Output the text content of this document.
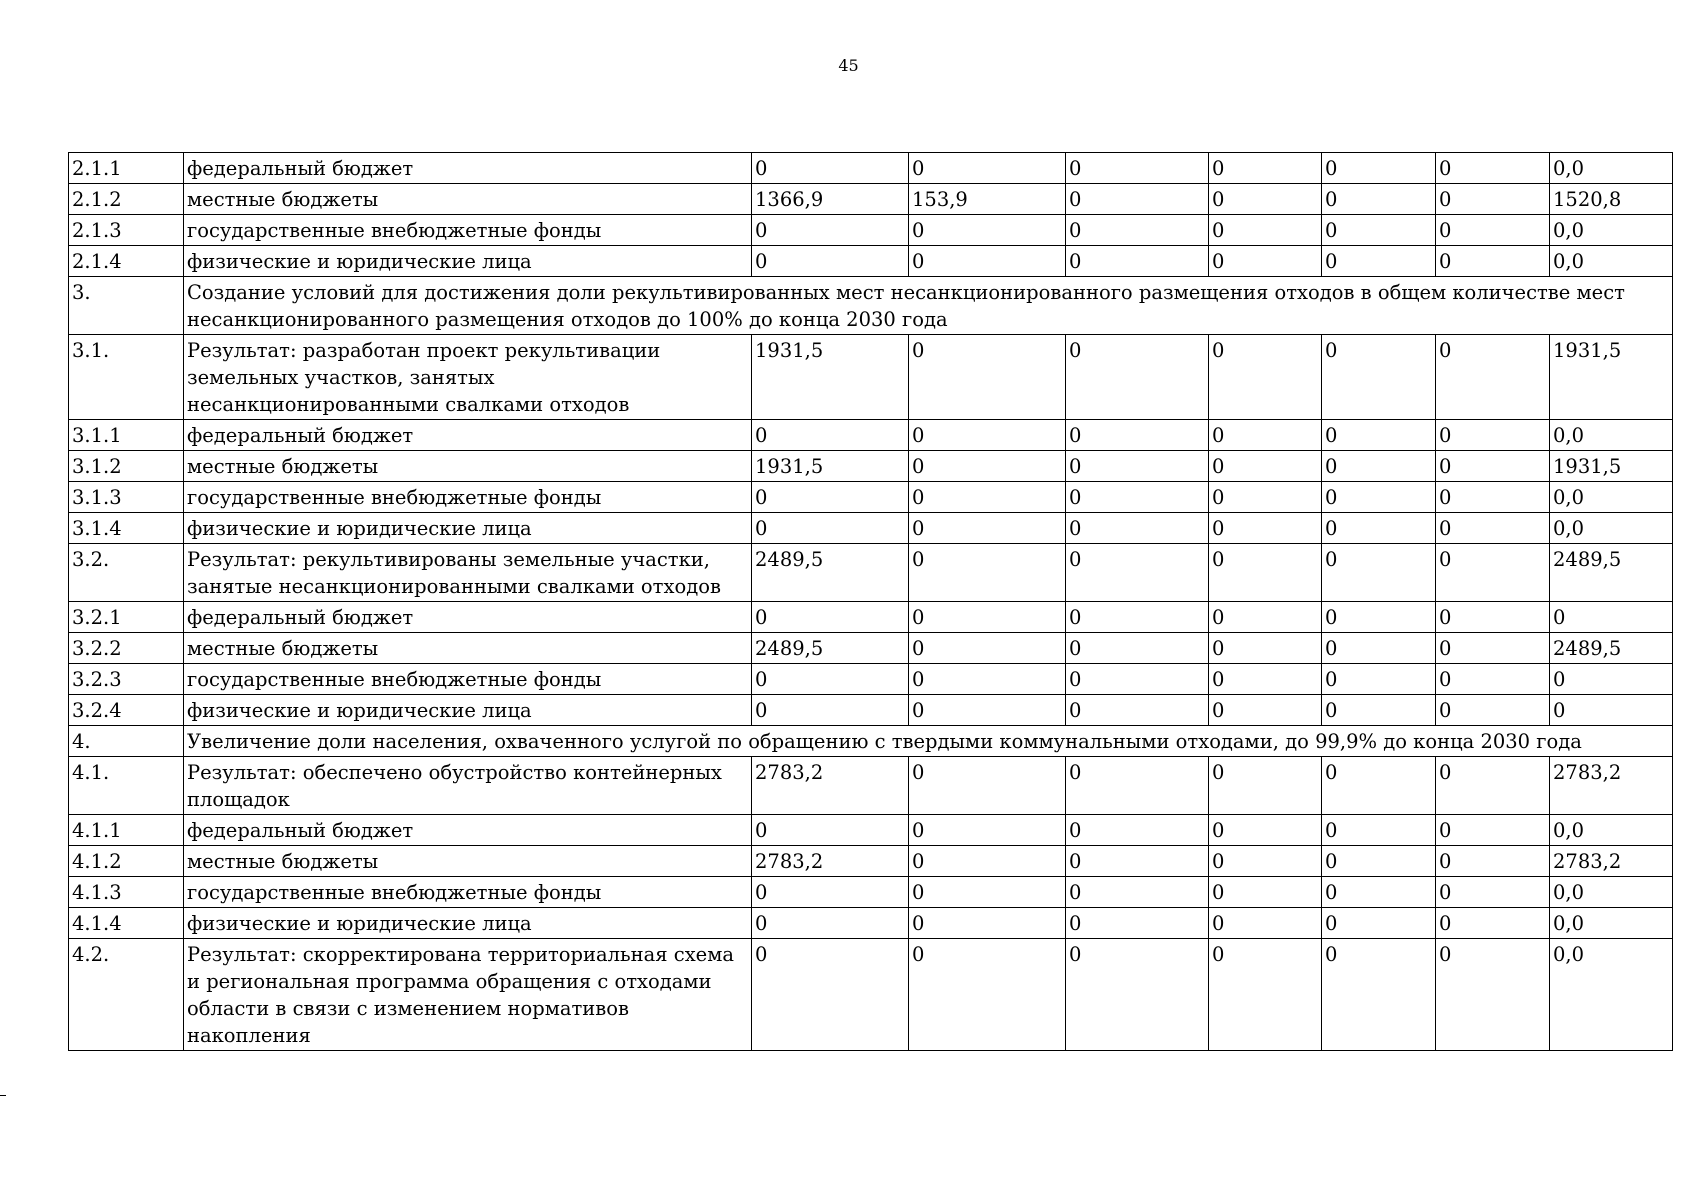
45
2.1.1	федеральный бюджет	0	0	0	0	0	0	0,0
2.1.2	местные бюджеты	1366,9	153,9	0	0	0	0	1520,8
2.1.3	государственные внебюджетные фонды	0	0	0	0	0	0	0,0
2.1.4	физические и юридические лица	0	0	0	0	0	0	0,0
3.	Создание условий для достижения доли рекультивированных мест несанкционированного размещения отходов в общем количестве мест несанкционированного размещения отходов до 100% до конца 2030 года							
3.1.	Результат: разработан проект рекультивации земельных участков, занятых несанкционированными свалками отходов	1931,5	0	0	0	0	0	1931,5
3.1.1	федеральный бюджет	0	0	0	0	0	0	0,0
3.1.2	местные бюджеты	1931,5	0	0	0	0	0	1931,5
3.1.3	государственные внебюджетные фонды	0	0	0	0	0	0	0,0
3.1.4	физические и юридические лица	0	0	0	0	0	0	0,0
3.2.	Результат: рекультивированы земельные участки, занятые несанкционированными свалками отходов	2489,5	0	0	0	0	0	2489,5
3.2.1	федеральный бюджет	0	0	0	0	0	0	0
3.2.2	местные бюджеты	2489,5	0	0	0	0	0	2489,5
3.2.3	государственные внебюджетные фонды	0	0	0	0	0	0	0
3.2.4	физические и юридические лица	0	0	0	0	0	0	0
4.	Увеличение доли населения, охваченного услугой по обращению с твердыми коммунальными отходами, до 99,9% до конца 2030 года							
4.1.	Результат: обеспечено обустройство контейнерных площадок	2783,2	0	0	0	0	0	2783,2
4.1.1	федеральный бюджет	0	0	0	0	0	0	0,0
4.1.2	местные бюджеты	2783,2	0	0	0	0	0	2783,2
4.1.3	государственные внебюджетные фонды	0	0	0	0	0	0	0,0
4.1.4	физические и юридические лица	0	0	0	0	0	0	0,0
4.2.	Результат: скорректирована территориальная схема и региональная программа обращения с отходами области в связи с изменением нормативов накопления	0	0	0	0	0	0	0,0
